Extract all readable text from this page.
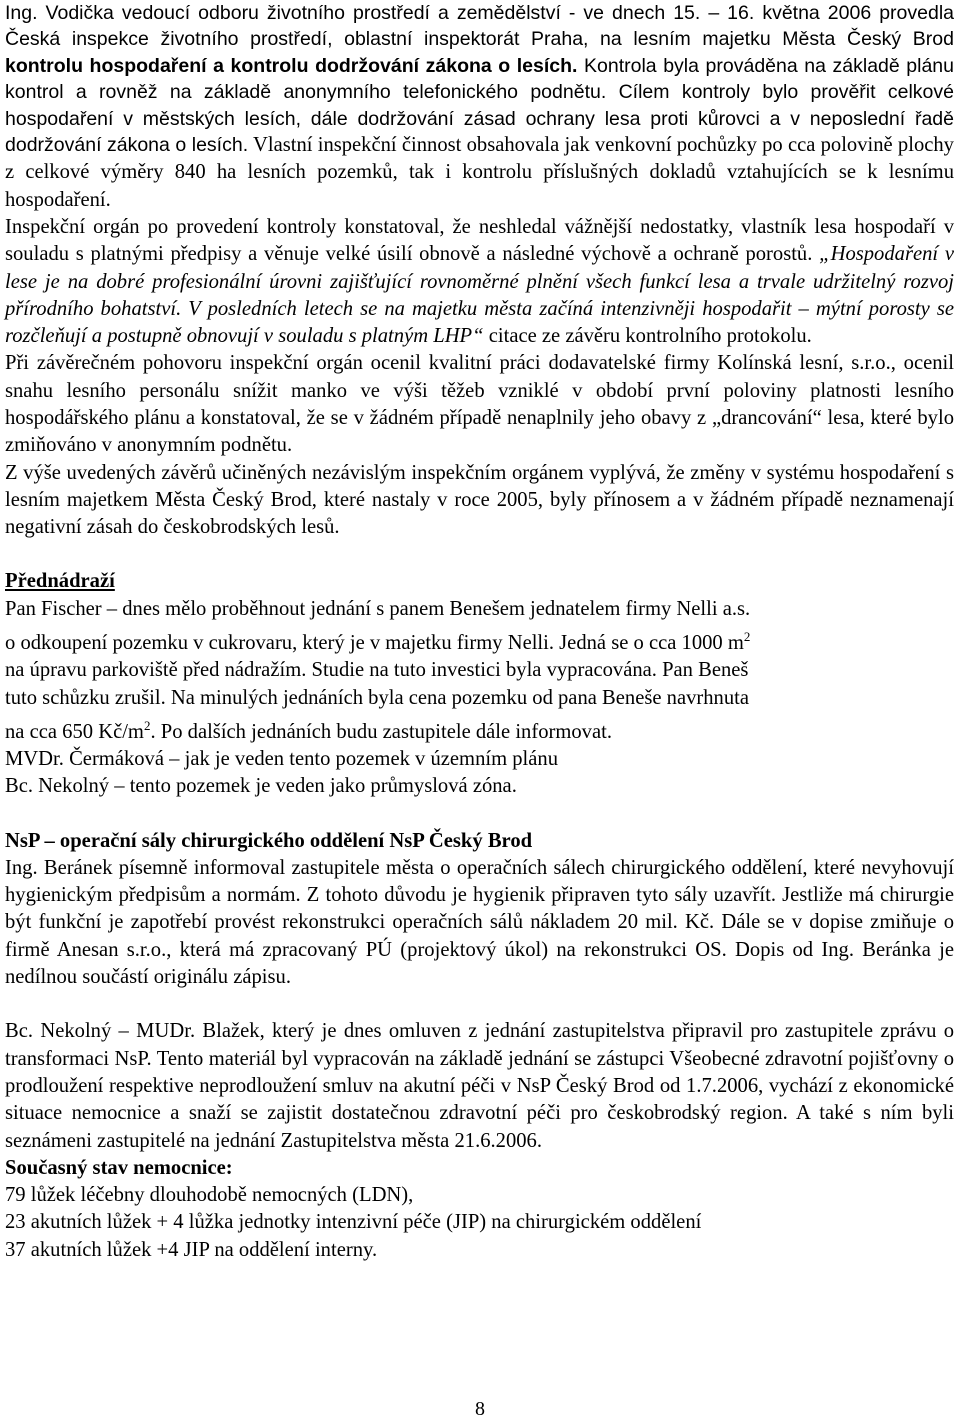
Ing. Vodička vedoucí odboru životního prostředí a zemědělství - ve dnech 15. – 16. května 2006 provedla Česká inspekce životního prostředí, oblastní inspektorát Praha, na lesním majetku Města Český Brod kontrolu hospodaření a kontrolu dodržování zákona o lesích. Kontrola byla prováděna na základě plánu kontrol a rovněž na základě anonymního telefonického podnětu. Cílem kontroly bylo prověřit celkové hospodaření v městských lesích, dále dodržování zásad ochrany lesa proti kůrovci a v neposlední řadě dodržování zákona o lesích. Vlastní inspekční činnost obsahovala jak venkovní pochůzky po cca polovině plochy z celkové výměry 840 ha lesních pozemků, tak i kontrolu příslušných dokladů vztahujících se k lesnímu hospodaření.

Inspekční orgán po provedení kontroly konstatoval, že neshledal vážnější nedostatky, vlastník lesa hospodaří v souladu s platnými předpisy a věnuje velké úsilí obnově a následné výchově a ochraně porostů. „Hospodaření v lese je na dobré profesionální úrovni zajišťující rovnoměrné plnění všech funkcí lesa a trvale udržitelný rozvoj přírodního bohatství. V posledních letech se na majetku města začíná intenzivněji hospodařit – mýtní porosty se rozčleňují a postupně obnovují v souladu s platným LHP“ citace ze závěru kontrolního protokolu.

Při závěrečném pohovoru inspekční orgán ocenil kvalitní práci dodavatelské firmy Kolínská lesní, s.r.o., ocenil snahu lesního personálu snížit manko ve výši těžeb vzniklé v období první poloviny platnosti lesního hospodářského plánu a konstatoval, že se v žádném případě nenaplnily jeho obavy z „drancování“ lesa, které bylo zmiňováno v anonymním podnětu.

Z výše uvedených závěrů učiněných nezávislým inspekčním orgánem vyplývá, že změny v systému hospodaření s lesním majetkem Města Český Brod, které nastaly v roce 2005, byly přínosem a v žádném případě neznamenají negativní zásah do českobrodských lesů.

Přednádraží

Pan Fischer – dnes mělo proběhnout jednání s panem Benešem jednatelem firmy Nelli a.s.

o odkoupení pozemku v cukrovaru, který je v majetku firmy Nelli. Jedná se o cca 1000 $m^2$

na úpravu parkoviště před nádražím. Studie na tuto investici byla vypracována. Pan Beneš

tuto schůzku zrušil. Na minulých jednáních byla cena pozemku od pana Beneše navrhnuta

na cca 650 $Kč/m^2$. Po dalších jednáních budu zastupitele dále informovat.

MVDr. Čermáková – jak je veden tento pozemek v územním plánu

Bc. Nekolný – tento pozemek je veden jako průmyslová zóna.

NsP – operační sály chirurgického oddělení NsP Český Brod

Ing. Beránek písemně informoval zastupitele města o operačních sálech chirurgického oddělení, které nevyhovují hygienickým předpisům a normám. Z tohoto důvodu je hygienik připraven tyto sály uzavřít. Jestliže má chirurgie být funkční je zapotřebí provést rekonstrukci operačních sálů nákladem 20 mil. Kč. Dále se v dopise zmiňuje o firmě Anesan s.r.o., která má zpracovaný PÚ (projektový úkol) na rekonstrukci OS. Dopis od Ing. Beránka je nedílnou součástí originálu zápisu.

Bc. Nekolný – MUDr. Blažek, který je dnes omluven z jednání zastupitelstva připravil pro zastupitele zprávu o transformaci NsP. Tento materiál byl vypracován na základě jednání se zástupci Všeobecné zdravotní pojišťovny o prodloužení respektive neprodloužení smluv na akutní péči v NsP Český Brod od 1.7.2006, vychází z ekonomické situace nemocnice a snaží se zajistit dostatečnou zdravotní péči pro českobrodský region. A také s ním byli seznámeni zastupitelé na jednání Zastupitelstva města 21.6.2006.

Současný stav nemocnice:

79 lůžek léčebny dlouhodobě nemocných (LDN),

23 akutních lůžek + 4 lůžka jednotky intenzivní péče (JIP) na chirurgickém oddělení

37 akutních lůžek +4 JIP na oddělení interny.

8
